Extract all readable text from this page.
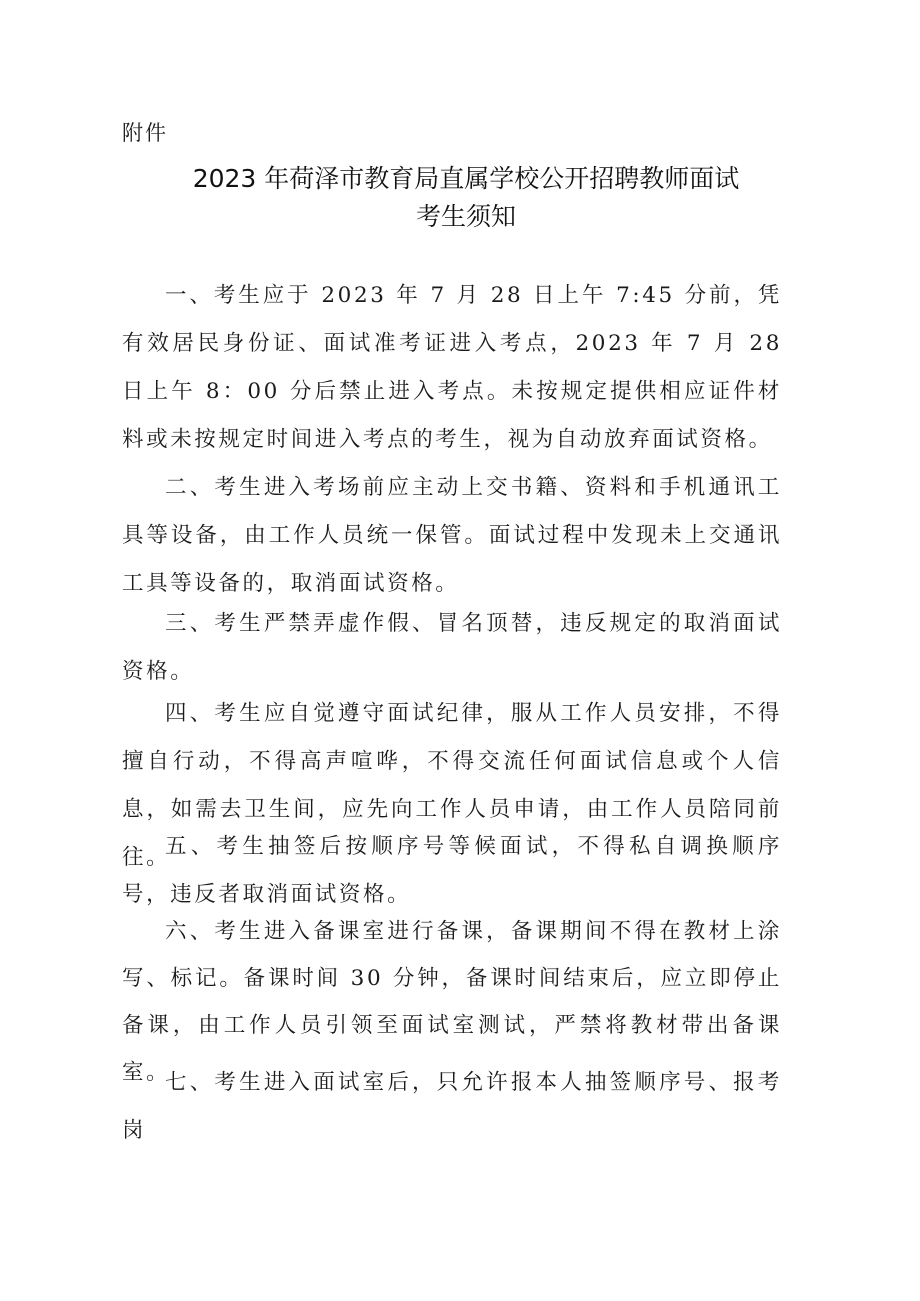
附件
2023 年荷泽市教育局直属学校公开招聘教师面试
考生须知

一、考生应于 2023 年 7 月 28 日上午 7:45 分前，凭有效居民身份证、面试准考证进入考点，2023 年 7 月 28 日上午 8：00 分后禁止进入考点。未按规定提供相应证件材料或未按规定时间进入考点的考生，视为自动放弃面试资格。

二、考生进入考场前应主动上交书籍、资料和手机通讯工具等设备，由工作人员统一保管。面试过程中发现未上交通讯工具等设备的，取消面试资格。

三、考生严禁弄虚作假、冒名顶替，违反规定的取消面试资格。

四、考生应自觉遵守面试纪律，服从工作人员安排，不得擅自行动，不得高声喧哗，不得交流任何面试信息或个人信息，如需去卫生间，应先向工作人员申请，由工作人员陪同前往。

五、考生抽签后按顺序号等候面试，不得私自调换顺序号，违反者取消面试资格。

六、考生进入备课室进行备课，备课期间不得在教材上涂写、标记。备课时间 30 分钟，备课时间结束后，应立即停止备课，由工作人员引领至面试室测试，严禁将教材带出备课室。

七、考生进入面试室后，只允许报本人抽签顺序号、报考岗
